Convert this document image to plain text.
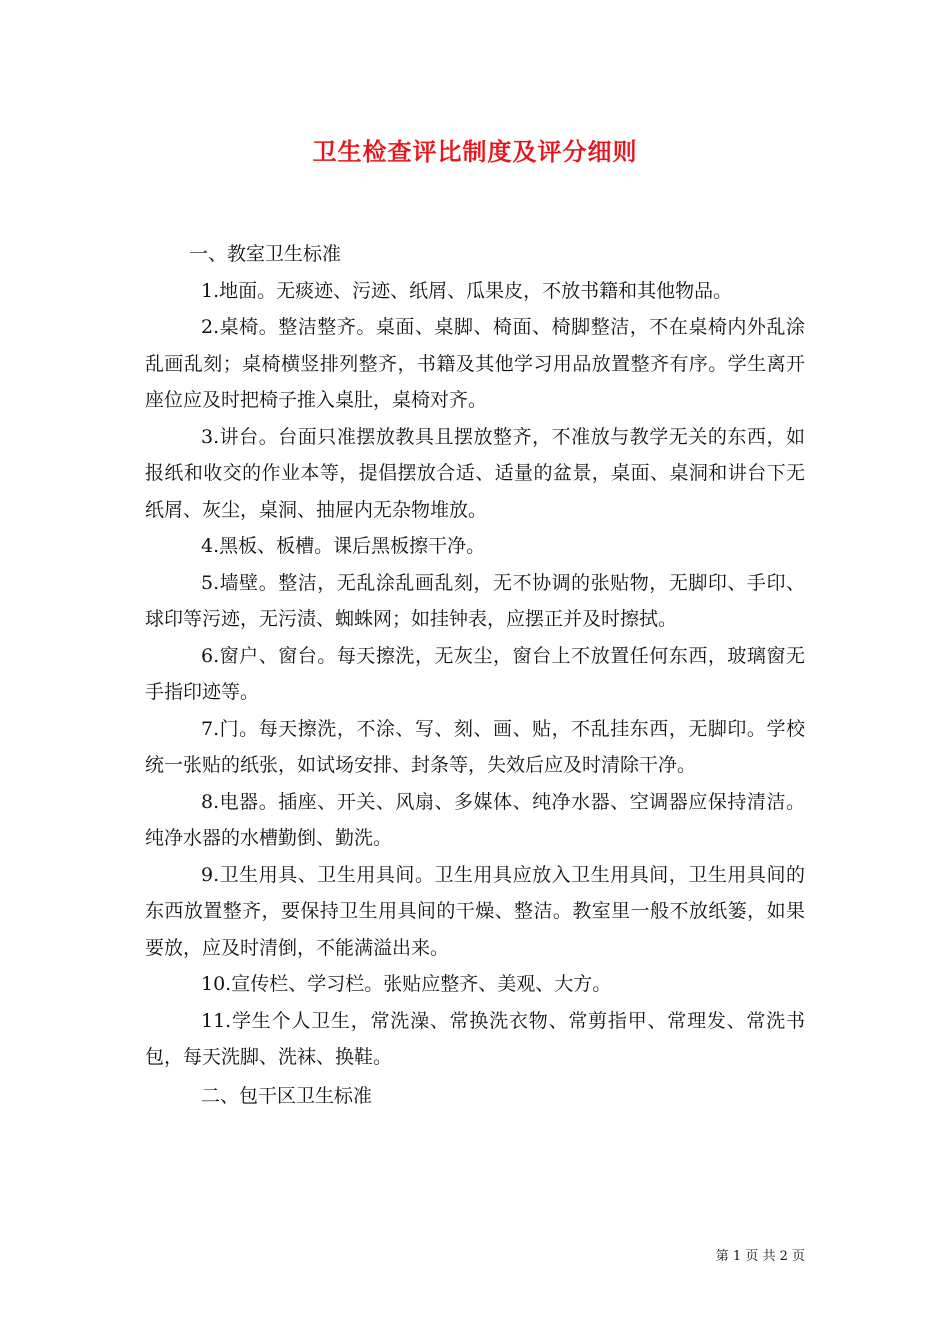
卫生检查评比制度及评分细则

一、教室卫生标准

1.地面。无痰迹、污迹、纸屑、瓜果皮，不放书籍和其他物品。

2.桌椅。整洁整齐。桌面、桌脚、椅面、椅脚整洁，不在桌椅内外乱涂乱画乱刻；桌椅横竖排列整齐，书籍及其他学习用品放置整齐有序。学生离开座位应及时把椅子推入桌肚，桌椅对齐。

3.讲台。台面只准摆放教具且摆放整齐，不准放与教学无关的东西，如报纸和收交的作业本等，提倡摆放合适、适量的盆景，桌面、桌洞和讲台下无纸屑、灰尘，桌洞、抽屉内无杂物堆放。

4.黑板、板槽。课后黑板擦干净。

5.墙壁。整洁，无乱涂乱画乱刻，无不协调的张贴物，无脚印、手印、球印等污迹，无污渍、蜘蛛网；如挂钟表，应摆正并及时擦拭。

6.窗户、窗台。每天擦洗，无灰尘，窗台上不放置任何东西，玻璃窗无手指印迹等。

7.门。每天擦洗，不涂、写、刻、画、贴，不乱挂东西，无脚印。学校统一张贴的纸张，如试场安排、封条等，失效后应及时清除干净。

8.电器。插座、开关、风扇、多媒体、纯净水器、空调器应保持清洁。纯净水器的水槽勤倒、勤洗。

9.卫生用具、卫生用具间。卫生用具应放入卫生用具间，卫生用具间的东西放置整齐，要保持卫生用具间的干燥、整洁。教室里一般不放纸篓，如果要放，应及时清倒，不能满溢出来。

10.宣传栏、学习栏。张贴应整齐、美观、大方。

11.学生个人卫生，常洗澡、常换洗衣物、常剪指甲、常理发、常洗书包，每天洗脚、洗袜、换鞋。

二、包干区卫生标准

第 1 页 共 2 页
